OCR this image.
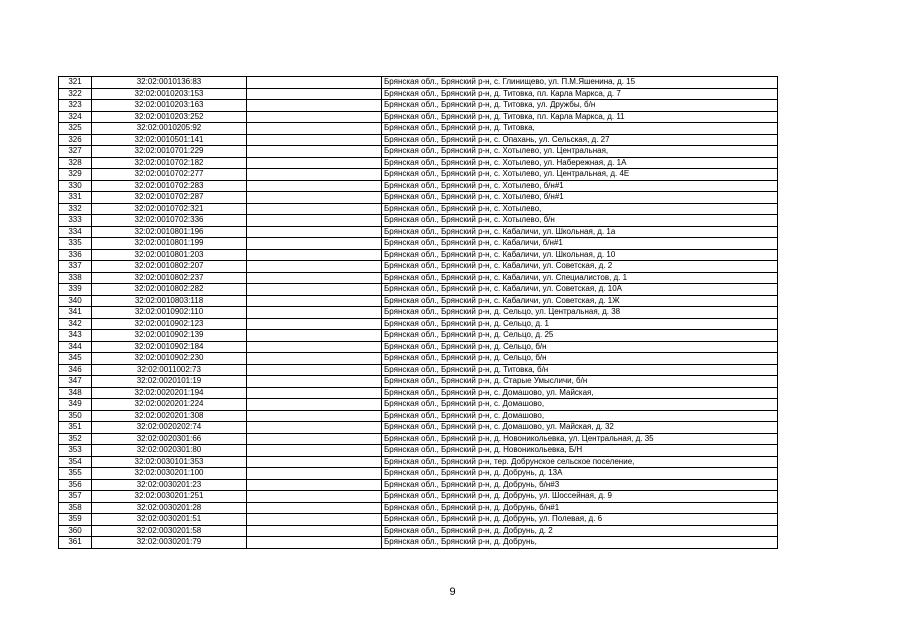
321	32:02:0010136:83		Брянская обл., Брянский р-н, с. Глинищево, ул. П.М.Яшенина, д. 15
322	32:02:0010203:153		Брянская обл., Брянский р-н, д. Титовка, пл. Карла Маркса, д. 7
323	32:02:0010203:163		Брянская обл., Брянский р-н, д. Титовка, ул. Дружбы, б/н
324	32:02:0010203:252		Брянская обл., Брянский р-н, д. Титовка, пл. Карла Маркса, д. 11
325	32:02:0010205:92		Брянская обл., Брянский р-н, д. Титовка,
326	32:02:0010501:141		Брянская обл., Брянский р-н, с. Опахань, ул. Сельская, д. 27
327	32:02:0010701:229		Брянская обл., Брянский р-н, с. Хотылево, ул. Центральная,
328	32:02:0010702:182		Брянская обл., Брянский р-н, с. Хотылево, ул. Набережная, д. 1А
329	32:02:0010702:277		Брянская обл., Брянский р-н, с. Хотылево, ул. Центральная, д. 4Е
330	32:02:0010702:283		Брянская обл., Брянский р-н, с. Хотылево, б/н#1
331	32:02:0010702:287		Брянская обл., Брянский р-н, с. Хотылево, б/н#1
332	32:02:0010702:321		Брянская обл., Брянский р-н, с. Хотылево,
333	32:02:0010702:336		Брянская обл., Брянский р-н, с. Хотылево, б/н
334	32:02:0010801:196		Брянская обл., Брянский р-н, с. Кабаличи, ул. Школьная, д. 1а
335	32:02:0010801:199		Брянская обл., Брянский р-н, с. Кабаличи, б/н#1
336	32:02:0010801:203		Брянская обл., Брянский р-н, с. Кабаличи, ул. Школьная, д. 10
337	32:02:0010802:207		Брянская обл., Брянский р-н, с. Кабаличи, ул. Советская, д. 2
338	32:02:0010802:237		Брянская обл., Брянский р-н, с. Кабаличи, ул. Специалистов, д. 1
339	32:02:0010802:282		Брянская обл., Брянский р-н, с. Кабаличи, ул. Советская, д. 10А
340	32:02:0010803:118		Брянская обл., Брянский р-н, с. Кабаличи, ул. Советская, д. 1Ж
341	32:02:0010902:110		Брянская обл., Брянский р-н, д. Сельцо, ул. Центральная, д. 38
342	32:02:0010902:123		Брянская обл., Брянский р-н, д. Сельцо, д. 1
343	32:02:0010902:139		Брянская обл., Брянский р-н, д. Сельцо, д. 25
344	32:02:0010902:184		Брянская обл., Брянский р-н, д. Сельцо, б/н
345	32:02:0010902:230		Брянская обл., Брянский р-н, д. Сельцо, б/н
346	32:02:0011002:73		Брянская обл., Брянский р-н, д. Титовка, б/н
347	32:02:0020101:19		Брянская обл., Брянский р-н, д. Старые Умысличи, б/н
348	32:02:0020201:194		Брянская обл., Брянский р-н, с. Домашово, ул. Майская,
349	32:02:0020201:224		Брянская обл., Брянский р-н, с. Домашово,
350	32:02:0020201:308		Брянская обл., Брянский р-н, с. Домашово,
351	32:02:0020202:74		Брянская обл., Брянский р-н, с. Домашово, ул. Майская, д. 32
352	32:02:0020301:66		Брянская обл., Брянский р-н, д. Новоникольевка, ул. Центральная, д. 35
353	32:02:0020301:80		Брянская обл., Брянский р-н, д. Новоникольевка, Б/Н
354	32:02:0030101:353		Брянская обл., Брянский р-н, тер. Добрунское сельское поселение,
355	32:02:0030201:100		Брянская обл., Брянский р-н, д. Добрунь, д. 13А
356	32:02:0030201:23		Брянская обл., Брянский р-н, д. Добрунь, б/н#3
357	32:02:0030201:251		Брянская обл., Брянский р-н, д. Добрунь, ул. Шоссейная, д. 9
358	32:02:0030201:28		Брянская обл., Брянский р-н, д. Добрунь, б/н#1
359	32:02:0030201:51		Брянская обл., Брянский р-н, д. Добрунь, ул. Полевая, д. 6
360	32:02:0030201:58		Брянская обл., Брянский р-н, д. Добрунь, д. 2
361	32:02:0030201:79		Брянская обл., Брянский р-н, д. Добрунь,
9
